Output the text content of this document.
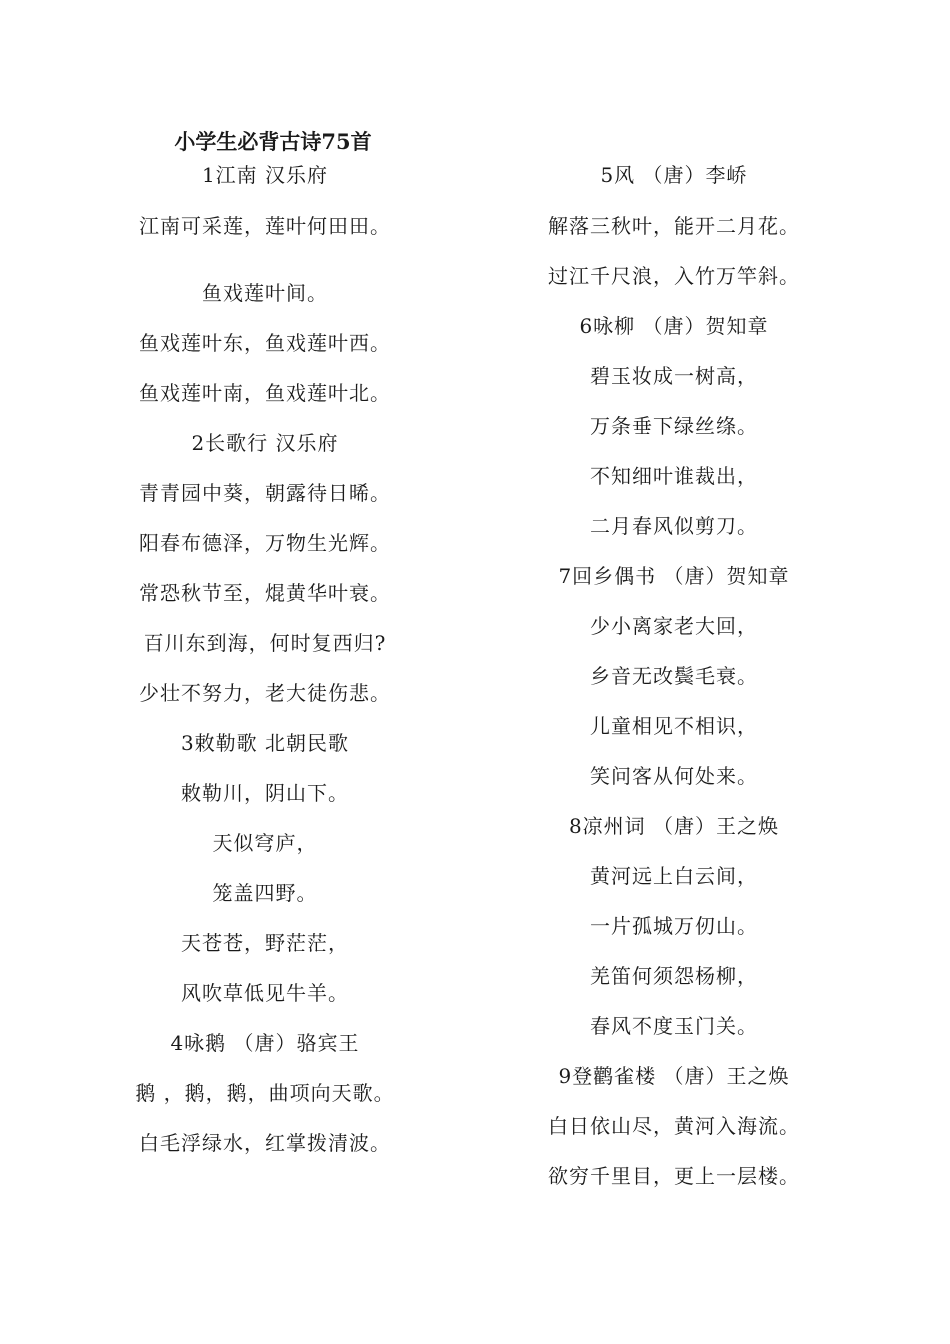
小学生必背古诗75首
1江南 汉乐府
江南可采莲，莲叶何田田。
鱼戏莲叶间。
鱼戏莲叶东，鱼戏莲叶西。
鱼戏莲叶南，鱼戏莲叶北。
2长歌行 汉乐府
青青园中葵，朝露待日晞。
阳春布德泽，万物生光辉。
常恐秋节至，焜黄华叶衰。
百川东到海，何时复西归?
少壮不努力，老大徒伤悲。
3敕勒歌 北朝民歌
敕勒川，阴山下。
天似穹庐，
笼盖四野。
天苍苍，野茫茫，
风吹草低见牛羊。
4咏鹅 （唐）骆宾王
鹅 ，鹅，鹅，曲项向天歌。
白毛浮绿水，红掌拨清波。
5风 （唐）李峤
解落三秋叶，能开二月花。
过江千尺浪，入竹万竿斜。
6咏柳 （唐）贺知章
碧玉妆成一树高，
万条垂下绿丝绦。
不知细叶谁裁出，
二月春风似剪刀。
7回乡偶书 （唐）贺知章
少小离家老大回，
乡音无改鬓毛衰。
儿童相见不相识，
笑问客从何处来。
8凉州词 （唐）王之焕
黄河远上白云间，
一片孤城万仞山。
羌笛何须怨杨柳，
春风不度玉门关。
9登鹳雀楼 （唐）王之焕
白日依山尽，黄河入海流。
欲穷千里目，更上一层楼。
